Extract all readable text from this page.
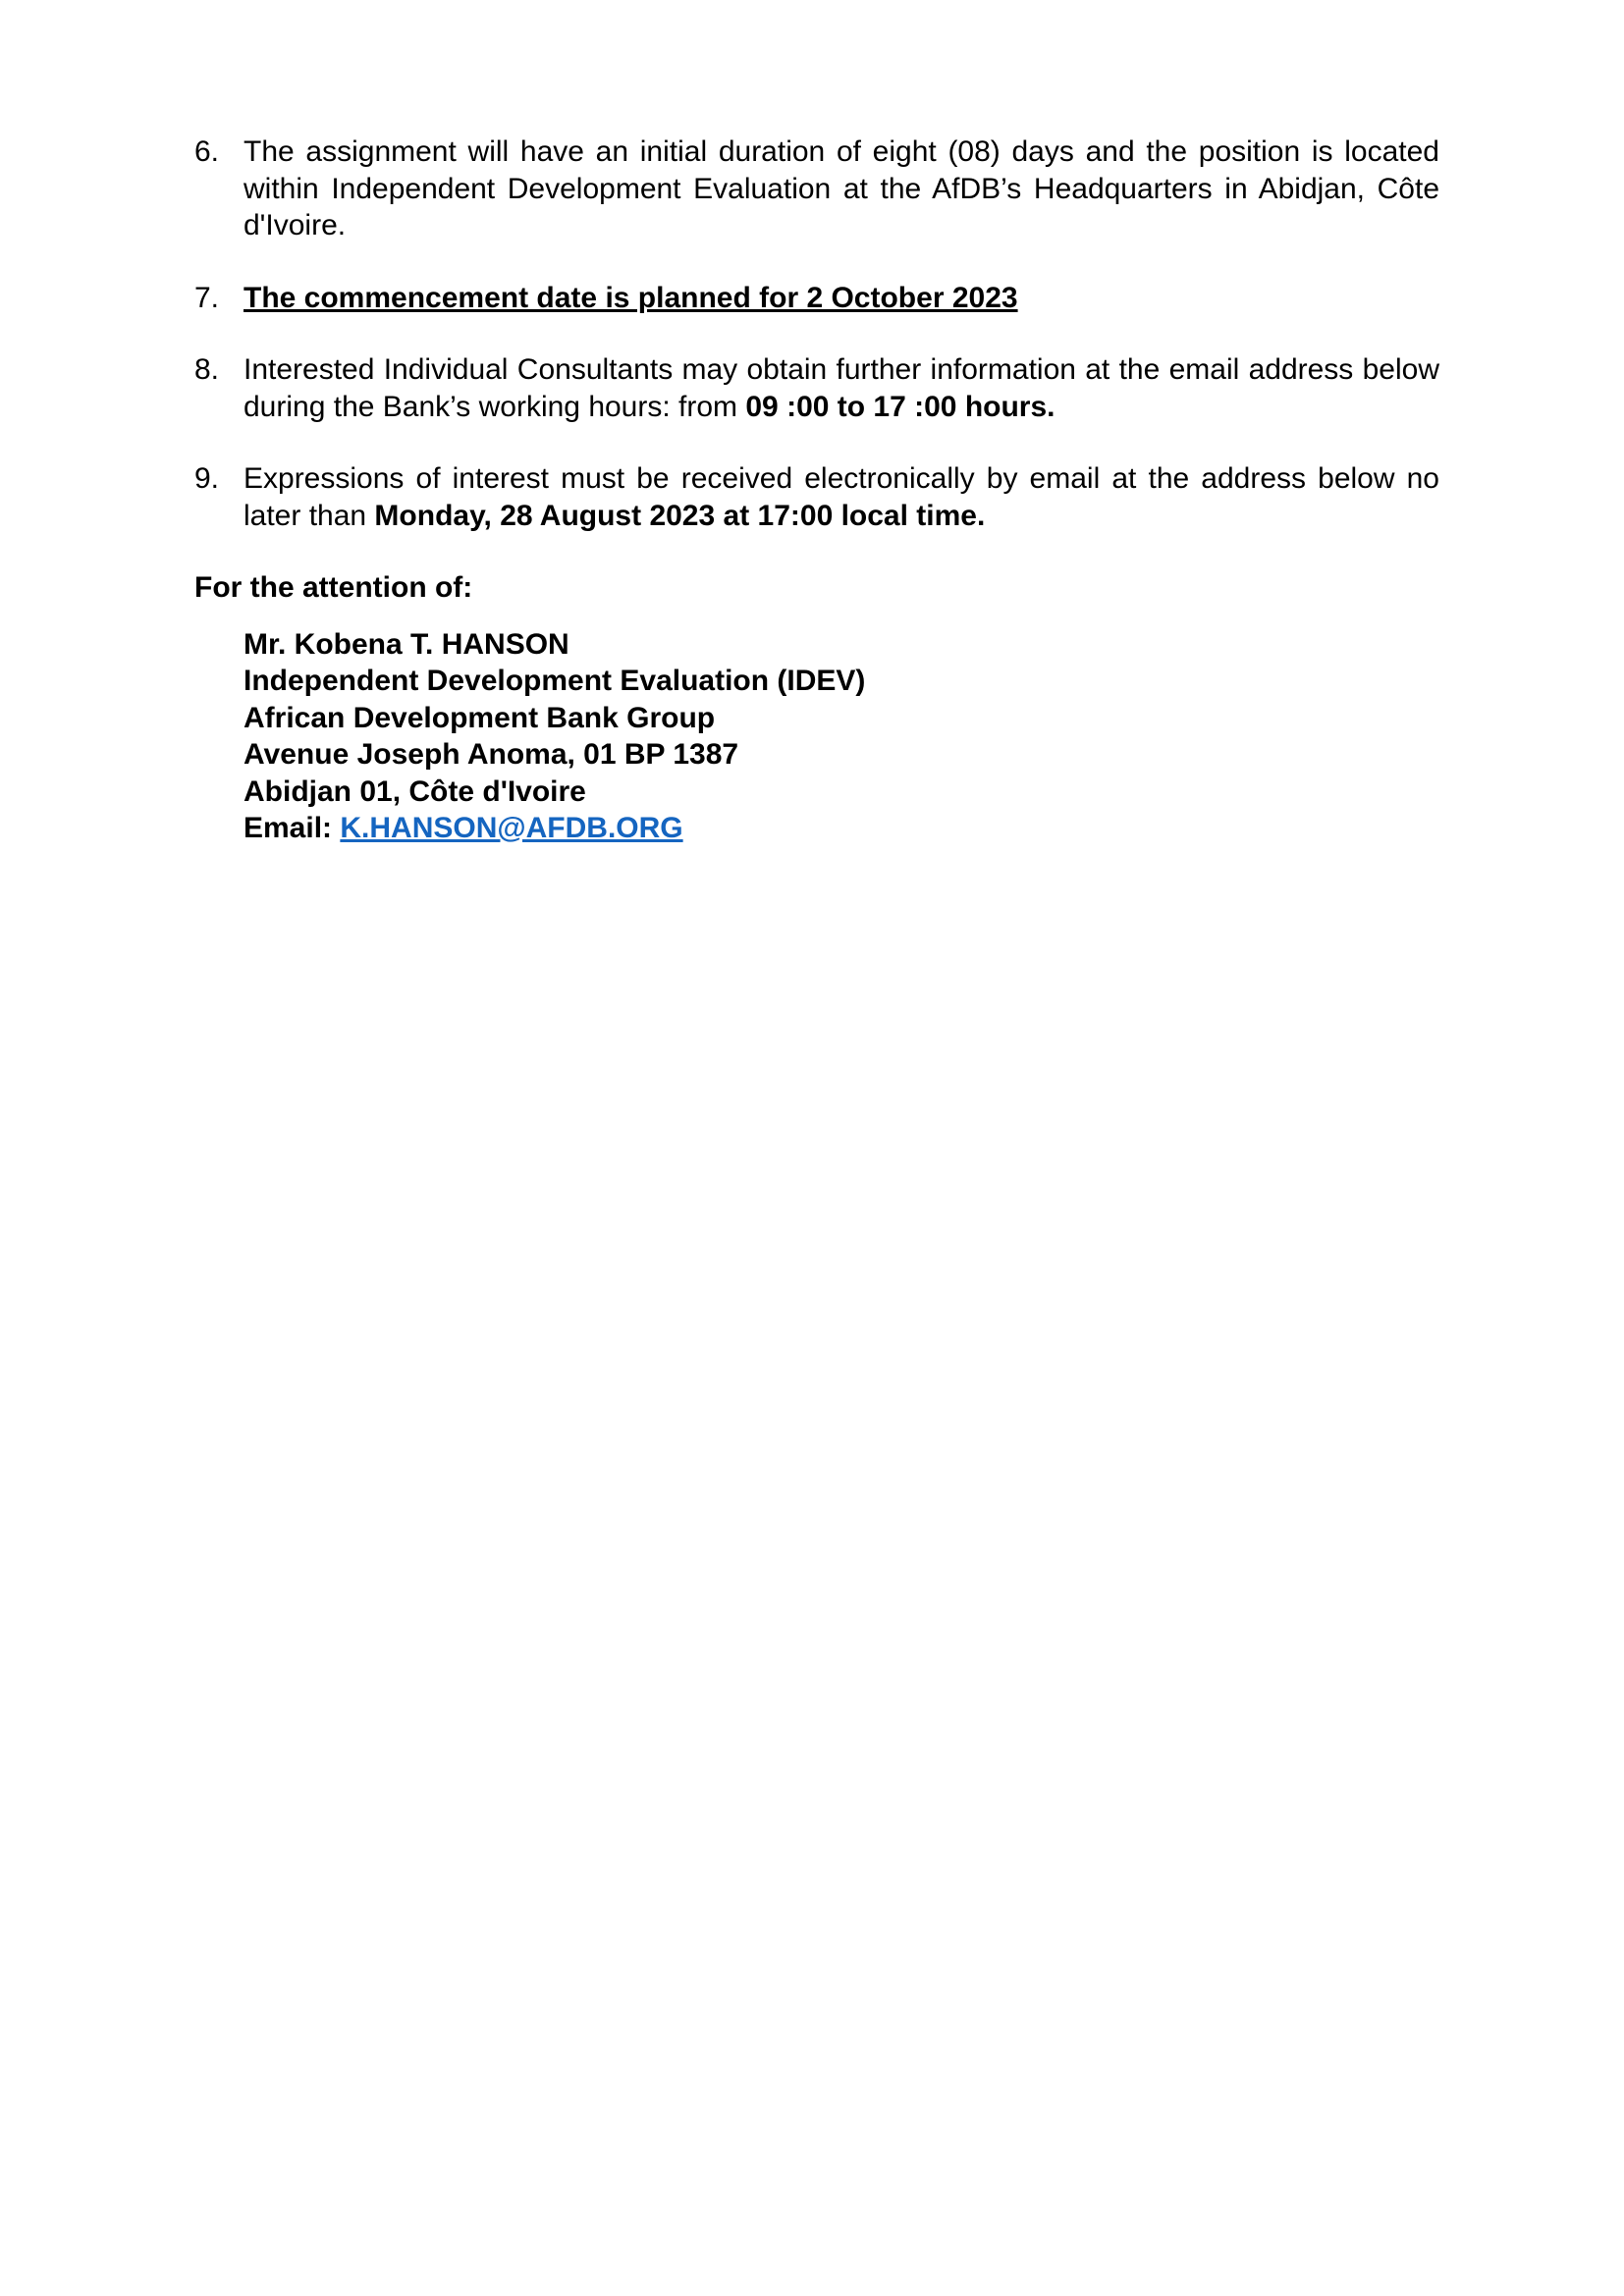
6. The assignment will have an initial duration of eight (08) days and the position is located within Independent Development Evaluation at the AfDB’s Headquarters in Abidjan, Côte d'Ivoire.
7. The commencement date is planned for 2 October 2023
8. Interested Individual Consultants may obtain further information at the email address below during the Bank’s working hours: from 09 :00 to 17 :00 hours.
9. Expressions of interest must be received electronically by email at the address below no later than Monday, 28 August 2023 at 17:00 local time.
For the attention of:
Mr. Kobena T. HANSON
Independent Development Evaluation (IDEV)
African Development Bank Group
Avenue Joseph Anoma, 01 BP 1387
Abidjan 01, Côte d'Ivoire
Email: K.HANSON@AFDB.ORG
